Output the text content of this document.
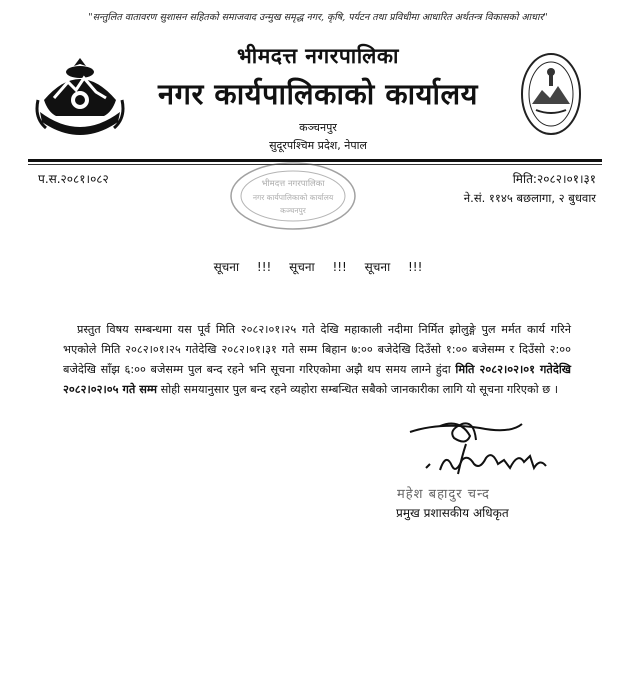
"सन्तुलित वातावरण सुशासन सहितको समाजवाद उन्मुख समृद्ध नगर, कृषि, पर्यटन तथा प्रविधीमा आधारित अर्थतन्त्र विकासको आधार"
भीमदत्त नगरपालिका
नगर कार्यपालिकाको कार्यालय
कञ्चनपुर
सुदूरपश्चिम प्रदेश, नेपाल
प.स.२०८१।०८२	मिति:२०८२।०१।३१
ने.सं. ११४५ बछलागा, २ बुधवार
भीमदत्त नगरपालिका
नगर कार्यपालिकाको कार्यालय
कञ्चनपुर
सूचना !!! सूचना !!! सूचना !!!
प्रस्तुत विषय सम्बन्धमा यस पूर्व मिति २०८२।०१।२५ गते देखि महाकाली नदीमा निर्मित झोलुङ्गे पुल मर्मत कार्य गरिने भएकोले मिति २०८२।०१।२५ गतेदेखि २०८२।०१।३१ गते सम्म बिहान ७:०० बजेदेखि दिउँसो १:०० बजेसम्म र दिउँसो २:०० बजेदेखि साँझ ६:०० बजेसम्म पुल बन्द रहने भनि सूचना गरिएकोमा अझै थप समय लाग्ने हुंदा मिति २०८२।०२।०१ गतेदेखि २०८२।०२।०५ गते सम्म सोही समयानुसार पुल बन्द रहने व्यहोरा सम्बन्धित सबैको जानकारीका लागि यो सूचना गरिएको छ ।
महेश बहादुर चन्द
प्रमुख प्रशासकीय अधिकृत
